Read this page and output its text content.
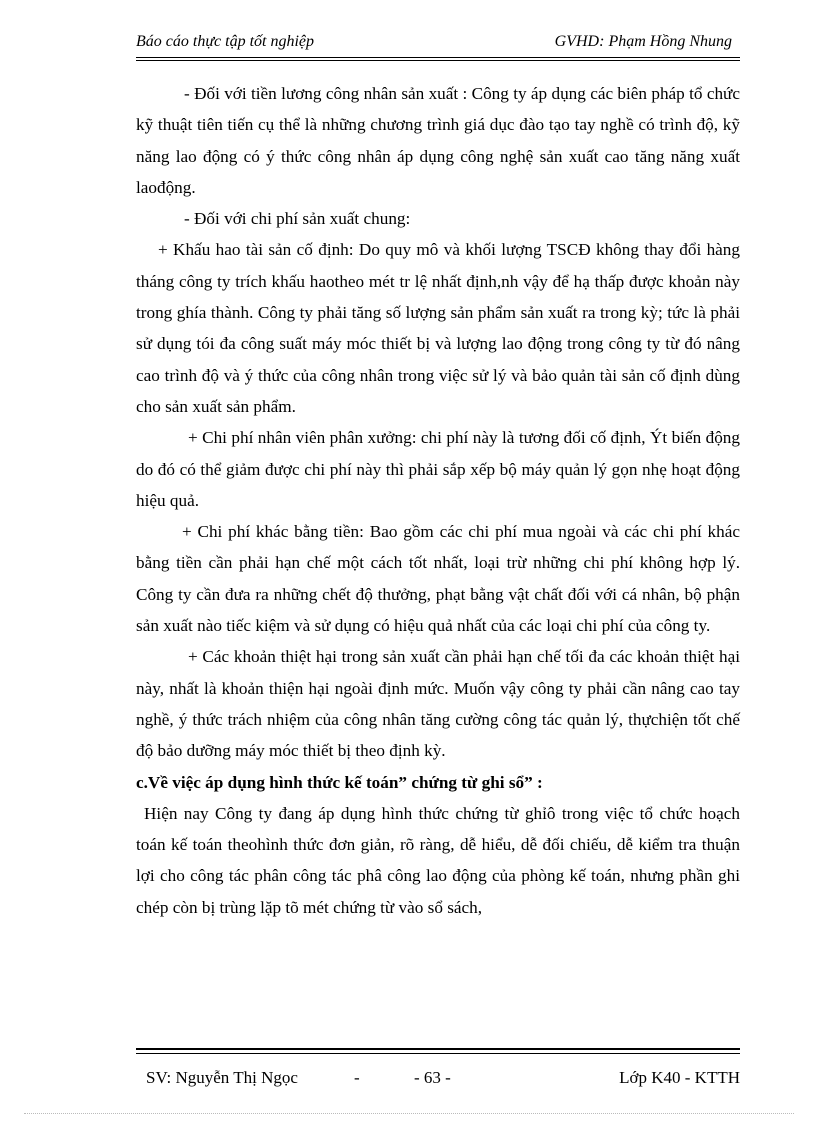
Báo cáo thực tập tốt nghiệp	GVHD: Phạm Hồng Nhung

- Đối với tiền lương công nhân sản xuất : Công ty áp dụng các biên pháp tổ chức kỹ thuật tiên tiến cụ thể là những chương trình giá dục đào tạo tay nghề có trình độ, kỹ năng lao động có ý thức công nhân áp dụng công nghệ sản xuất cao tăng năng xuất laođộng.

- Đối với chi phí sản xuất chung:

+ Khấu hao tài sản cố định: Do quy mô và khối lượng TSCĐ không thay đổi hàng tháng công ty trích khấu haotheo mét tr lệ nhất định,nh vậy để hạ thấp được khoản này trong ghía thành. Công ty phải tăng số lượng sản phẩm sản xuất ra trong kỳ; tức là phải sử dụng tói đa công suất máy móc thiết bị và lượng lao động trong công ty từ đó nâng cao trình độ và ý thức của công nhân trong việc sử lý và bảo quản tài sản cố định dùng cho sản xuất sản phẩm.

+ Chi phí nhân viên phân xưởng: chi phí này là tương đối cố định, Ýt biến động do đó có thể giảm được chi phí này thì phải sắp xếp bộ máy quản lý gọn nhẹ hoạt động hiệu quả.

+ Chi phí khác bằng tiền: Bao gồm các chi phí mua ngoài và các chi phí khác bằng tiền cần phải hạn chế một cách tốt nhất, loại trừ những chi phí không hợp lý. Công ty cần đưa ra những chết độ thưởng, phạt bằng vật chất đối với cá nhân, bộ phận sản xuất nào tiếc kiệm và sử dụng có hiệu quả nhất của các loại chi phí của công ty.

+ Các khoản thiệt hại trong sản xuất cần phải hạn chế tối đa các khoản thiệt hại này, nhất là khoản thiện hại ngoài định mức. Muốn vậy công ty phải cần nâng cao tay nghề, ý thức trách nhiệm của công nhân tăng cường công tác quản lý, thựchiện tốt chế độ bảo dưỡng máy móc thiết bị theo định kỳ.

c.Về việc áp dụng hình thức kế toán” chứng từ ghi sổ” :

Hiện nay Công ty đang áp dụng hình thức chứng từ ghỉô trong việc tổ chức hoạch toán kế toán theohình thức đơn giản, rõ ràng, dễ hiểu, dễ đối chiếu, dễ kiểm tra thuận lợi cho công tác phân công tác phâ công lao động của phòng kế toán, nhưng phần ghi chép còn bị trùng lặp tõ mét chứng từ vào sổ sách,

SV: Nguyễn Thị Ngọc	-	- 63 -	Lớp K40 - KTTH
